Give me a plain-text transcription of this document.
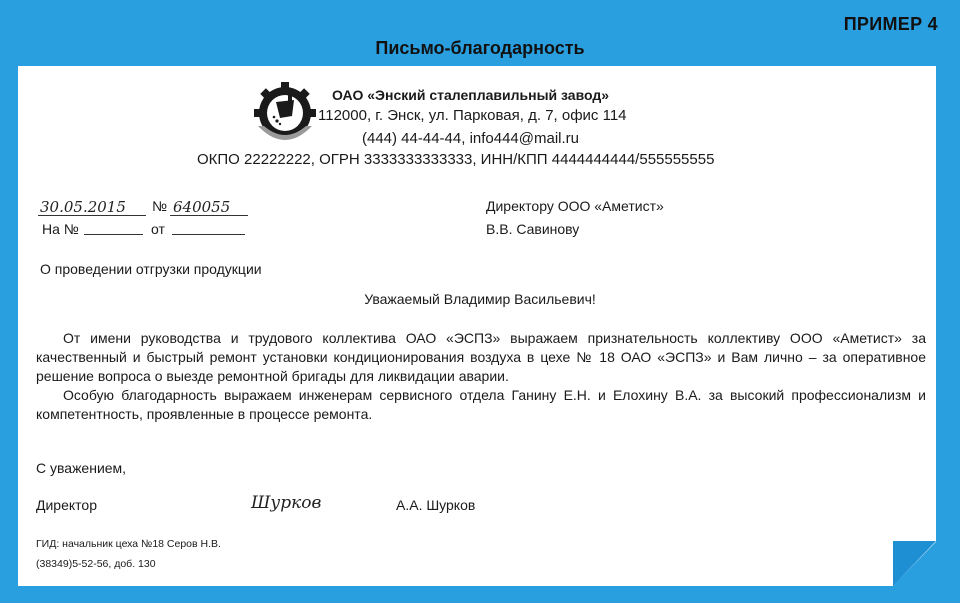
ПРИМЕР 4
Письмо-благодарность
ОАО «Энский сталеплавильный завод»
112000, г. Энск, ул. Парковая, д. 7, офис 114
(444) 44-44-44, info444@mail.ru
ОКПО 22222222, ОГРН 3333333333333, ИНН/КПП 4444444444/555555555
30.05.2015	№ 640055
На №	от
Директору ООО «Аметист»
В.В. Савинову
О проведении отгрузки продукции
Уважаемый Владимир Васильевич!
От имени руководства и трудового коллектива ОАО «ЭСПЗ» выражаем признательность коллективу ООО «Аметист» за качественный и быстрый ремонт установки кондиционирования воздуха в цехе № 18 ОАО «ЭСПЗ» и Вам лично – за оперативное решение вопроса о выезде ремонтной бригады для ликвидации аварии.
Особую благодарность выражаем инженерам сервисного отдела Ганину Е.Н. и Елохину В.А. за высокий профессионализм и компетентность, проявленные в процессе ремонта.
С уважением,
Директор	Шурков	А.А. Шурков
ГИД: начальник цеха №18 Серов Н.В.
(38349)5-52-56, доб. 130
